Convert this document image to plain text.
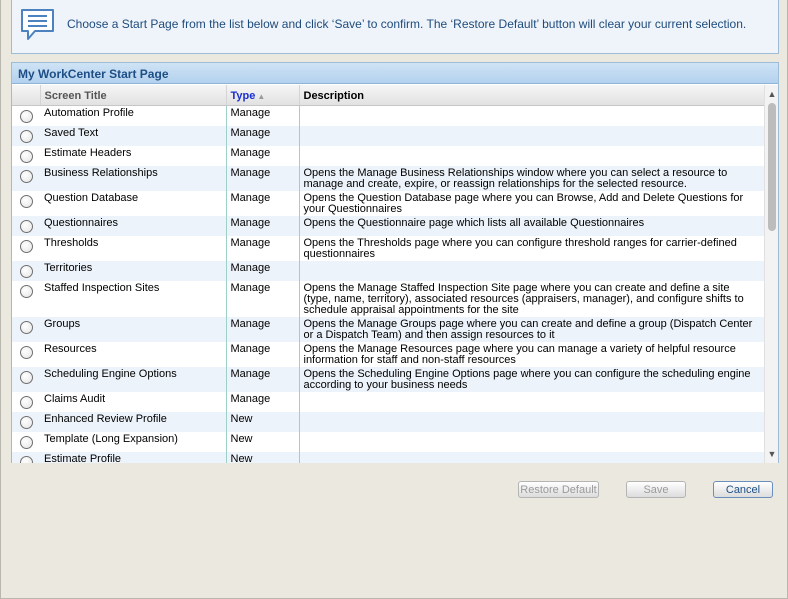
Choose a Start Page from the list below and click ‘Save’ to confirm. The ‘Restore Default’ button will clear your current selection.
My WorkCenter Start Page
	Screen Title	Type ▲	Description
	Automation Profile	Manage	
	Saved Text	Manage	
	Estimate Headers	Manage	
	Business Relationships	Manage	Opens the Manage Business Relationships window where you can select a resource to manage and create, expire, or reassign relationships for the selected resource.
	Question Database	Manage	Opens the Question Database page where you can Browse, Add and Delete Questions for your Questionnaires
	Questionnaires	Manage	Opens the Questionnaire page which lists all available Questionnaires
	Thresholds	Manage	Opens the Thresholds page where you can configure threshold ranges for carrier-defined questionnaires
	Territories	Manage	
	Staffed Inspection Sites	Manage	Opens the Manage Staffed Inspection Site page where you can create and define a site (type, name, territory), associated resources (appraisers, manager), and configure shifts to schedule appraisal appointments for the site
	Groups	Manage	Opens the Manage Groups page where you can create and define a group (Dispatch Center or a Dispatch Team) and then assign resources to it
	Resources	Manage	Opens the Manage Resources page where you can manage a variety of helpful resource information for staff and non-staff resources
	Scheduling Engine Options	Manage	Opens the Scheduling Engine Options page where you can configure the scheduling engine according to your business needs
	Claims Audit	Manage	
	Enhanced Review Profile	New	
	Template (Long Expansion)	New	
	Estimate Profile	New	
▲
▼
Restore Default	Save	Cancel
